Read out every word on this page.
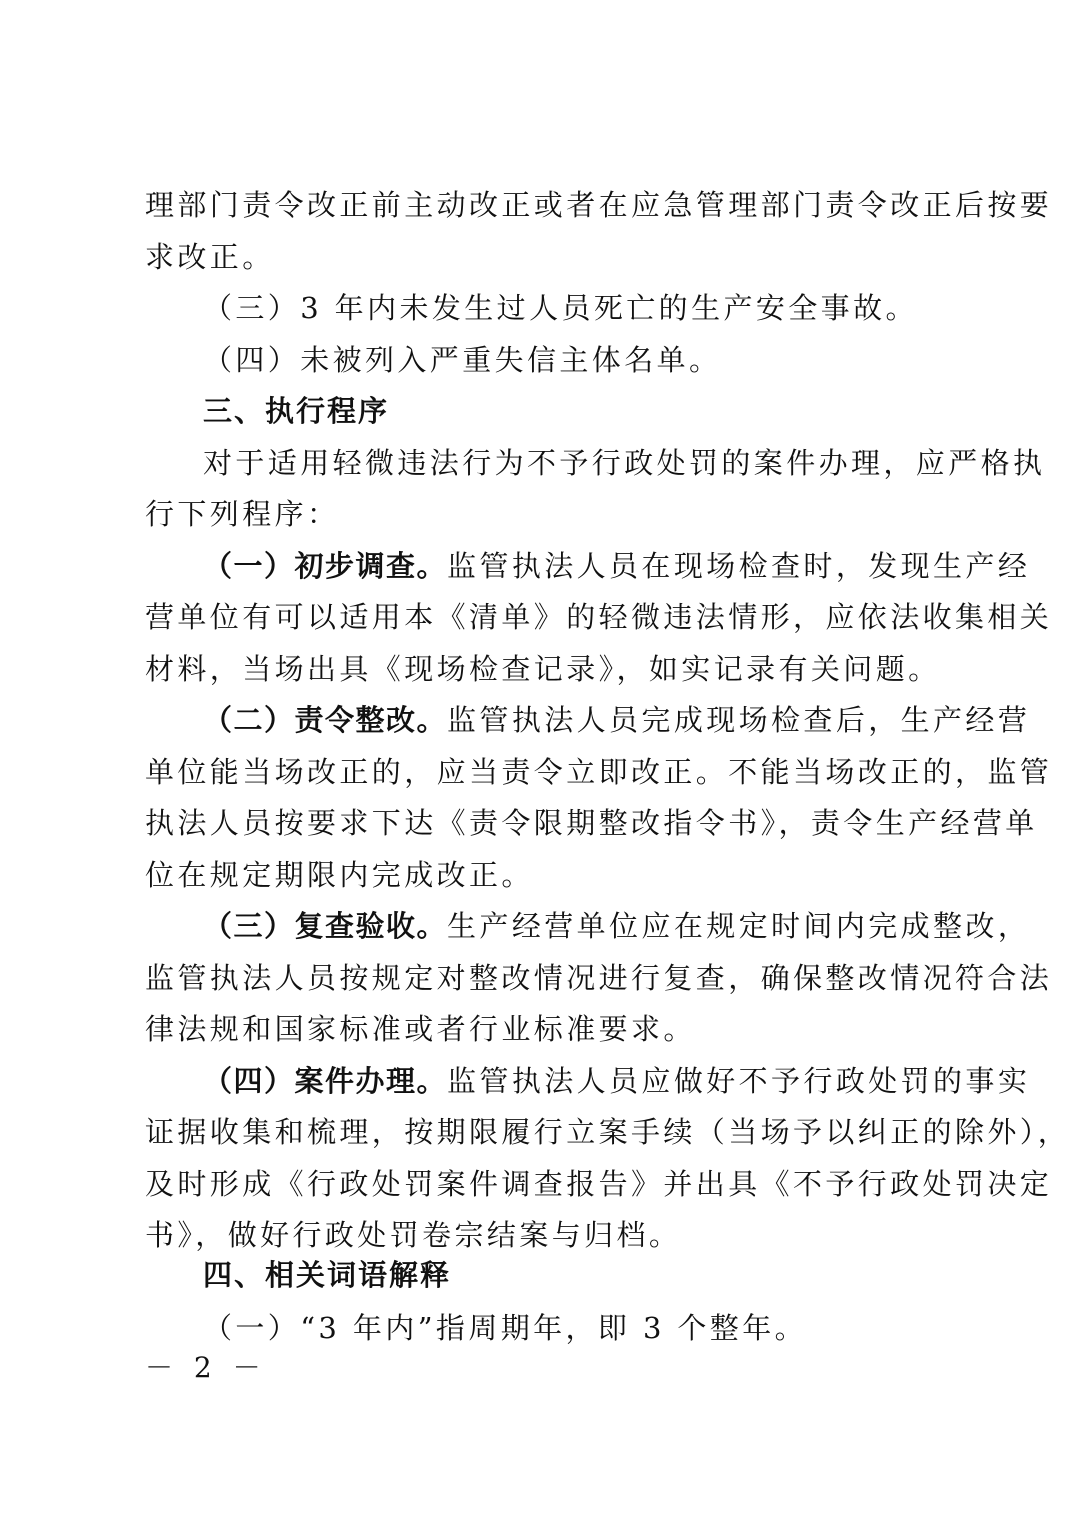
理部门责令改正前主动改正或者在应急管理部门责令改正后按要
求改正。
（三）3 年内未发生过人员死亡的生产安全事故。
（四）未被列入严重失信主体名单。
三、执行程序
对于适用轻微违法行为不予行政处罚的案件办理，应严格执
行下列程序：
（一）初步调查。监管执法人员在现场检查时，发现生产经
营单位有可以适用本《清单》的轻微违法情形，应依法收集相关
材料，当场出具《现场检查记录》，如实记录有关问题。
（二）责令整改。监管执法人员完成现场检查后，生产经营
单位能当场改正的，应当责令立即改正。不能当场改正的，监管
执法人员按要求下达《责令限期整改指令书》，责令生产经营单
位在规定期限内完成改正。
（三）复查验收。生产经营单位应在规定时间内完成整改，
监管执法人员按规定对整改情况进行复查，确保整改情况符合法
律法规和国家标准或者行业标准要求。
（四）案件办理。监管执法人员应做好不予行政处罚的事实
证据收集和梳理，按期限履行立案手续（当场予以纠正的除外），
及时形成《行政处罚案件调查报告》并出具《不予行政处罚决定
书》，做好行政处罚卷宗结案与归档。
四、相关词语解释
（一）“3 年内”指周期年，即 3 个整年。
－ 2 －
